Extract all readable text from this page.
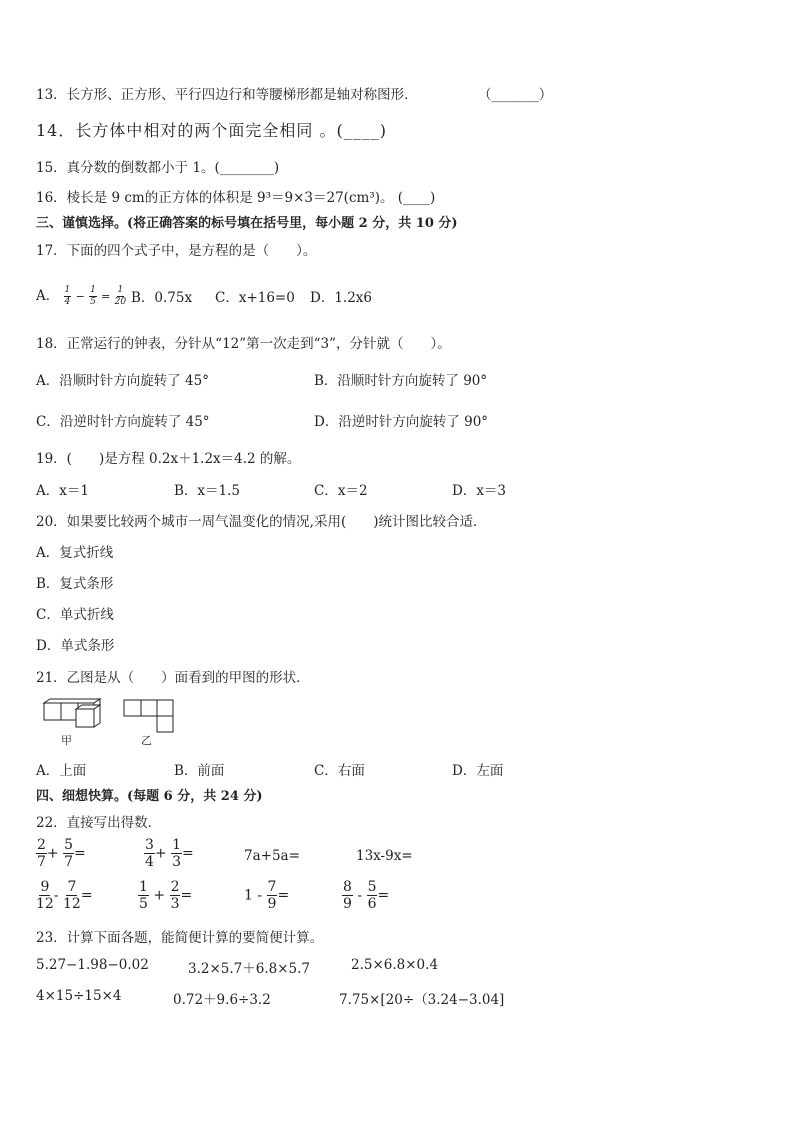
13．长方形、正方形、平行四边行和等腰梯形都是轴对称图形．	（_______）
14．长方体中相对的两个面完全相同 。(____)
15．真分数的倒数都小于 1。(________)
16．棱长是 9 cm的正方体的体积是 9³＝9×3＝27(cm³)。 (____)
三、谨慎选择。(将正确答案的标号填在括号里，每小题 2 分，共 10 分)
17．下面的四个式子中，是方程的是（　　）。
A． $\frac{1}{4} - \frac{1}{5} = \frac{1}{20}$ B．0.75x C．x+16=0 D．1.2x6
18．正常运行的钟表，分针从“12”第一次走到“3”，分针就（　　）。
A．沿顺时针方向旋转了 45°	B．沿顺时针方向旋转了 90°
C．沿逆时针方向旋转了 45°	D．沿逆时针方向旋转了 90°
19．(　　)是方程 0.2x＋1.2x＝4.2 的解。
A．x＝1	B．x＝1.5	C．x＝2	D．x＝3
20．如果要比较两个城市一周气温变化的情况,采用(　　)统计图比较合适．
A．复式折线
B．复式条形
C．单式折线
D．单式条形
21．乙图是从（　　）面看到的甲图的形状．
甲	乙
A．上面	B．前面	C．右面	D．左面
四、细想快算。(每题 6 分，共 24 分)
22．直接写出得数．
$\frac{2}{7} + \frac{5}{7}$ =	$\frac{3}{4} + \frac{1}{3}$ =	7a+5a=	13x-9x=
$\frac{9}{12} - \frac{7}{12}$ =	$\frac{1}{5} + \frac{2}{3}$ =	$1 - \frac{7}{9}$ =	$\frac{8}{9} - \frac{5}{6}$ =
23．计算下面各题，能简便计算的要简便计算。
5.27−1.98−0.02	3.2×5.7＋6.8×5.7	2.5×6.8×0.4
4×15÷15×4	0.72＋9.6÷3.2	7.75×[20÷（3.24−3.04]
